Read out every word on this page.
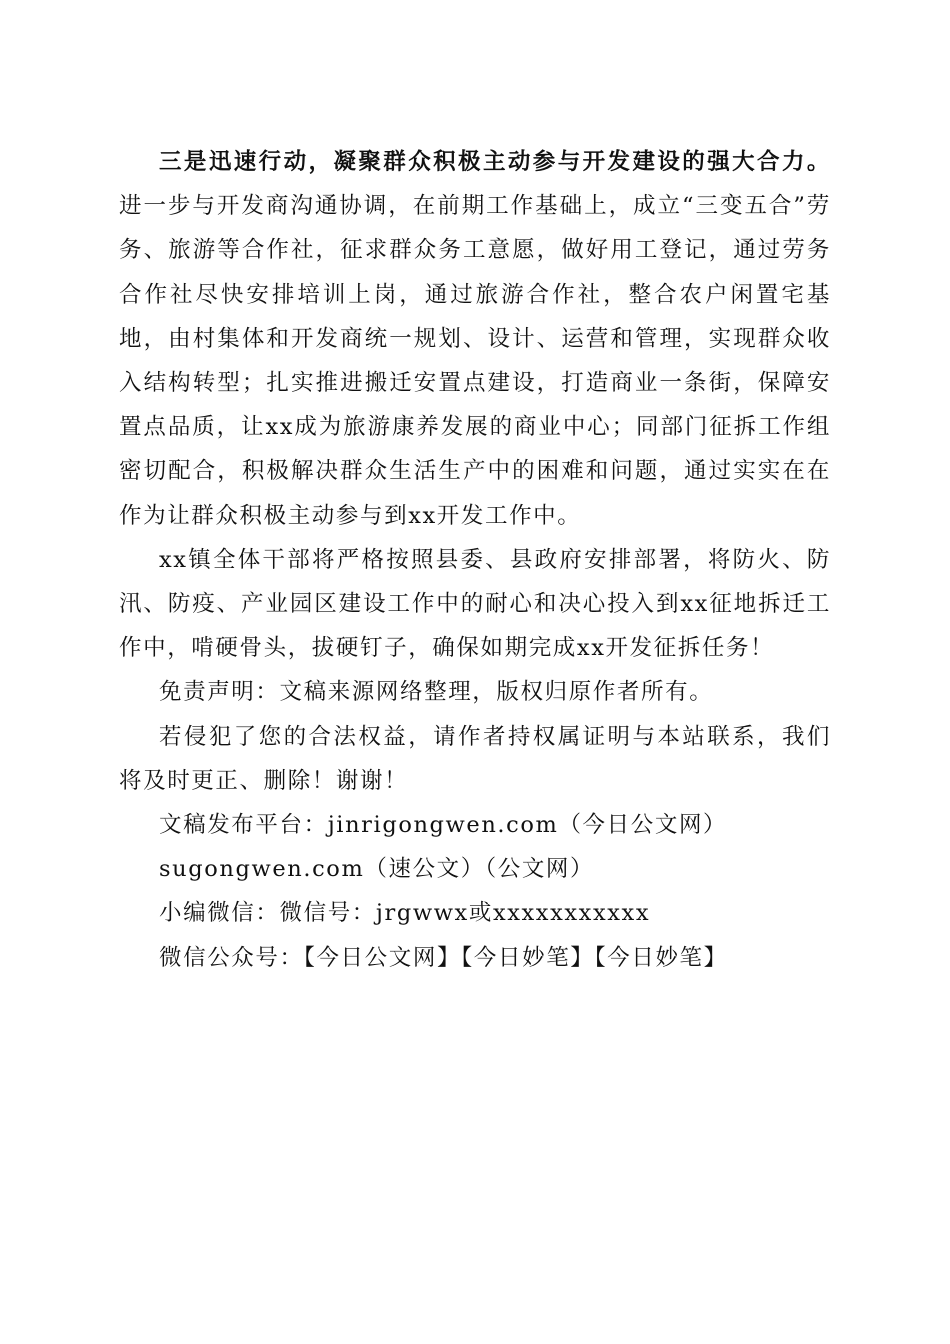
三是迅速行动，凝聚群众积极主动参与开发建设的强大合力。进一步与开发商沟通协调，在前期工作基础上，成立“三变五合”劳务、旅游等合作社，征求群众务工意愿，做好用工登记，通过劳务合作社尽快安排培训上岗，通过旅游合作社，整合农户闲置宅基地，由村集体和开发商统一规划、设计、运营和管理，实现群众收入结构转型；扎实推进搬迁安置点建设，打造商业一条街，保障安置点品质，让xx成为旅游康养发展的商业中心；同部门征拆工作组密切配合，积极解决群众生活生产中的困难和问题，通过实实在在作为让群众积极主动参与到xx开发工作中。

xx镇全体干部将严格按照县委、县政府安排部署，将防火、防汛、防疫、产业园区建设工作中的耐心和决心投入到xx征地拆迁工作中，啃硬骨头，拔硬钉子，确保如期完成xx开发征拆任务！

免责声明：文稿来源网络整理，版权归原作者所有。

若侵犯了您的合法权益，请作者持权属证明与本站联系，我们将及时更正、删除！谢谢！

文稿发布平台：jinrigongwen.com（今日公文网）

sugongwen.com（速公文）（公文网）

小编微信：微信号：jrgwwx或xxxxxxxxxxx

微信公众号：【今日公文网】【今日妙笔】【今日妙笔】
